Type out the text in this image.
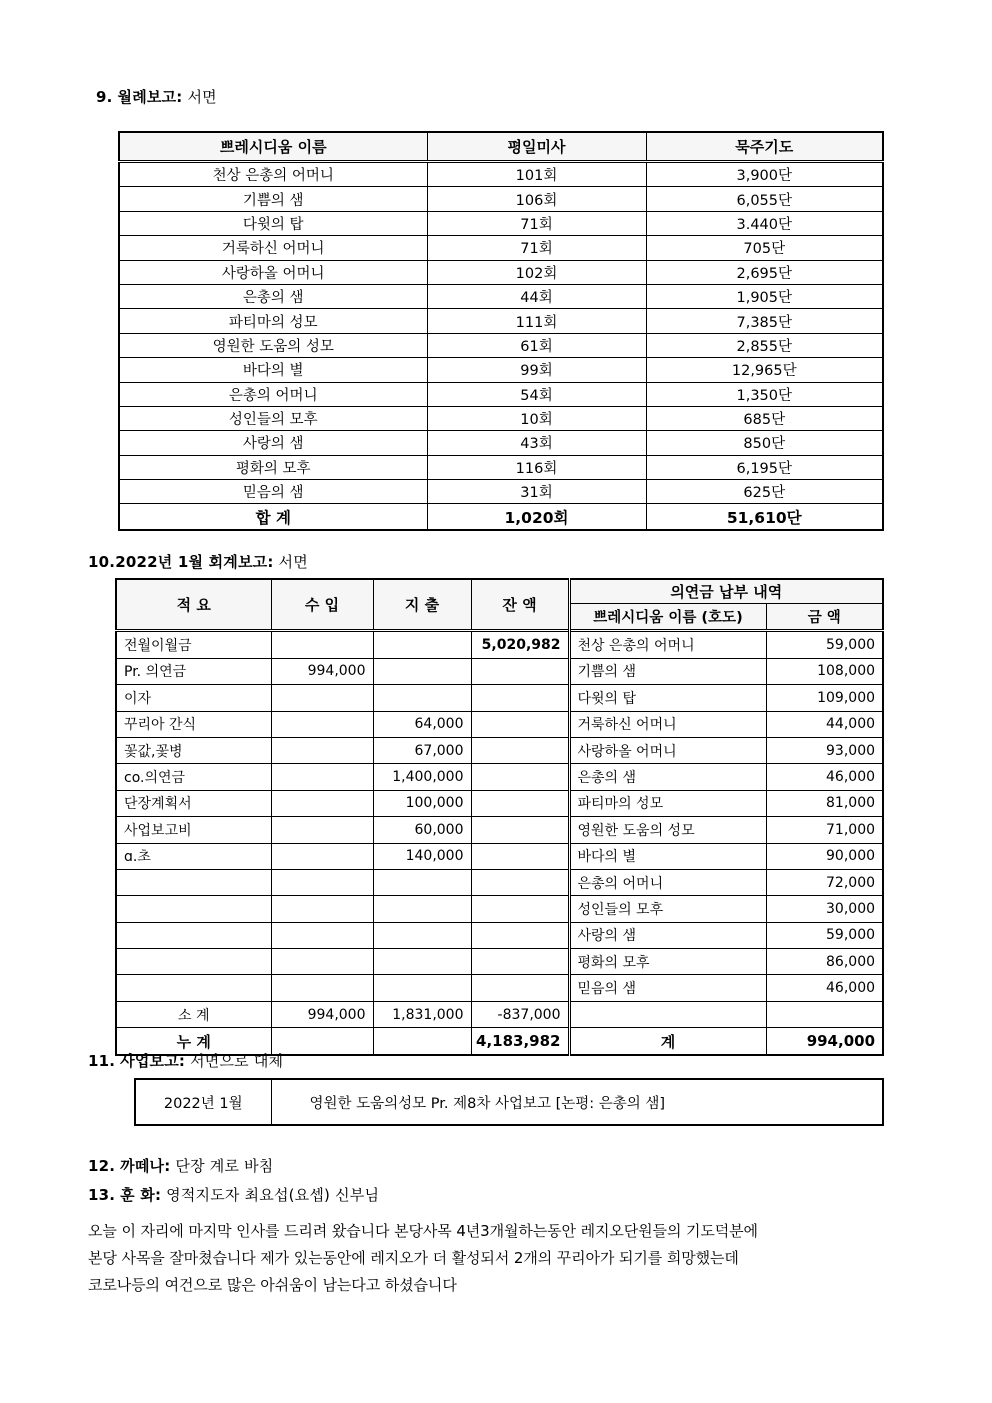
9. 월례보고: 서면
쁘레시디움 이름	평일미사	묵주기도
천상 은총의 어머니	101회	3,900단
기쁨의 샘	106회	6,055단
다윗의 탑	71회	3.440단
거룩하신 어머니	71회	705단
사랑하올 어머니	102회	2,695단
은총의 샘	44회	1,905단
파티마의 성모	111회	7,385단
영원한 도움의 성모	61회	2,855단
바다의 별	99회	12,965단
은총의 어머니	54회	1,350단
성인들의 모후	10회	685단
사랑의 샘	43회	850단
평화의 모후	116회	6,195단
믿음의 샘	31회	625단
합 계	1,020회	51,610단
10.2022년 1월 회계보고: 서면
적 요	수 입	지 출	잔 액	의연금 납부 내역	
				쁘레시디움 이름 (호도)	금 액
전월이월금			5,020,982	천상 은총의 어머니	59,000
Pr. 의연금	994,000			기쁨의 샘	108,000
이자				다윗의 탑	109,000
꾸리아 간식		64,000		거룩하신 어머니	44,000
꽃값,꽃병		67,000		사랑하올 어머니	93,000
co.의연금		1,400,000		은총의 샘	46,000
단장계획서		100,000		파티마의 성모	81,000
사업보고비		60,000		영원한 도움의 성모	71,000
ɑ.초		140,000		바다의 별	90,000
				은총의 어머니	72,000
				성인들의 모후	30,000
				사랑의 샘	59,000
				평화의 모후	86,000
				믿음의 샘	46,000
소 계	994,000	1,831,000	-837,000		
누 계			4,183,982	계	994,000
11. 사업보고: 서면으로 대체
2022년 1월	영원한 도움의성모 Pr. 제8차 사업보고 [논평: 은총의 샘]
12. 까떼나: 단장 계로 바침
13. 훈 화: 영적지도자 최요섭(요셉) 신부님
오늘 이 자리에 마지막 인사를 드리려 왔습니다 본당사목 4년3개월하는동안 레지오단원들의 기도덕분에
본당 사목을 잘마쳤습니다 제가 있는동안에 레지오가 더 활성되서 2개의 꾸리아가 되기를 희망했는데
코로나등의 여건으로 많은 아쉬움이 남는다고 하셨습니다
